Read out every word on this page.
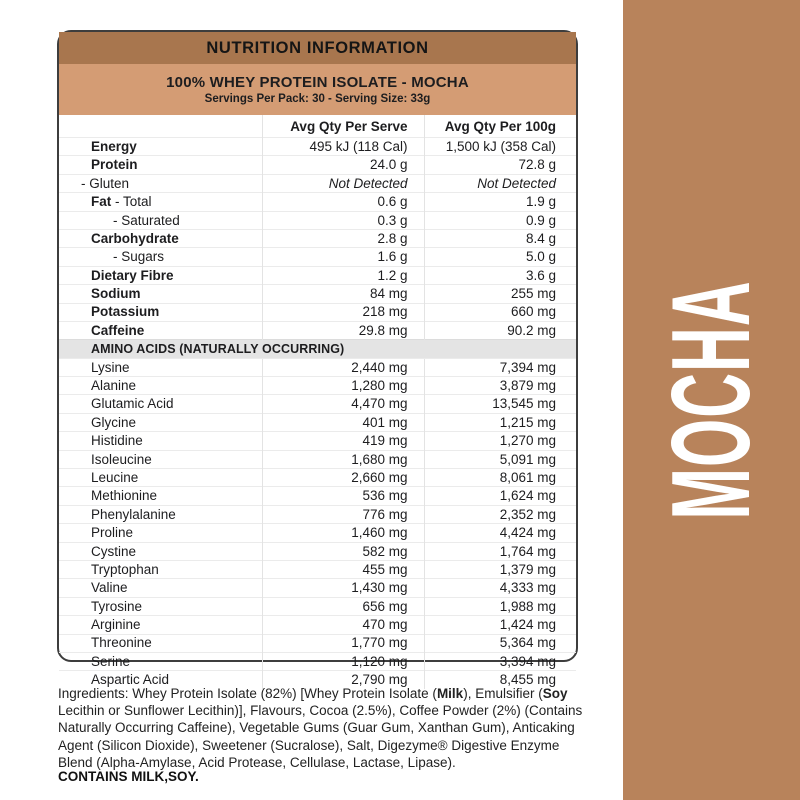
NUTRITION INFORMATION
100% WHEY PROTEIN ISOLATE - MOCHA
Servings Per Pack: 30 - Serving Size: 33g
	Avg Qty Per Serve	Avg Qty Per 100g
Energy	495 kJ (118 Cal)	1,500 kJ (358 Cal)
Protein	24.0 g	72.8 g
- Gluten	Not Detected	Not Detected
Fat - Total	0.6 g	1.9 g
- Saturated	0.3 g	0.9 g
Carbohydrate	2.8 g	8.4 g
- Sugars	1.6 g	5.0 g
Dietary Fibre	1.2 g	3.6 g
Sodium	84 mg	255 mg
Potassium	218 mg	660 mg
Caffeine	29.8 mg	90.2 mg
AMINO ACIDS (NATURALLY OCCURRING)		
Lysine	2,440 mg	7,394 mg
Alanine	1,280 mg	3,879 mg
Glutamic Acid	4,470 mg	13,545 mg
Glycine	401 mg	1,215 mg
Histidine	419 mg	1,270 mg
Isoleucine	1,680 mg	5,091 mg
Leucine	2,660 mg	8,061 mg
Methionine	536 mg	1,624 mg
Phenylalanine	776 mg	2,352 mg
Proline	1,460 mg	4,424 mg
Cystine	582 mg	1,764 mg
Tryptophan	455 mg	1,379 mg
Valine	1,430 mg	4,333 mg
Tyrosine	656 mg	1,988 mg
Arginine	470 mg	1,424 mg
Threonine	1,770 mg	5,364 mg
Serine	1,120 mg	3,394 mg
Aspartic Acid	2,790 mg	8,455 mg

Ingredients: Whey Protein Isolate (82%) [Whey Protein Isolate (Milk), Emulsifier (Soy Lecithin or Sunflower Lecithin)], Flavours, Cocoa (2.5%), Coffee Powder (2%) (Contains Naturally Occurring Caffeine), Vegetable Gums (Guar Gum, Xanthan Gum), Anticaking Agent (Silicon Dioxide), Sweetener (Sucralose), Salt, Digezyme® Digestive Enzyme Blend (Alpha-Amylase, Acid Protease, Cellulase, Lactase, Lipase).

CONTAINS MILK,SOY.
MOCHA
